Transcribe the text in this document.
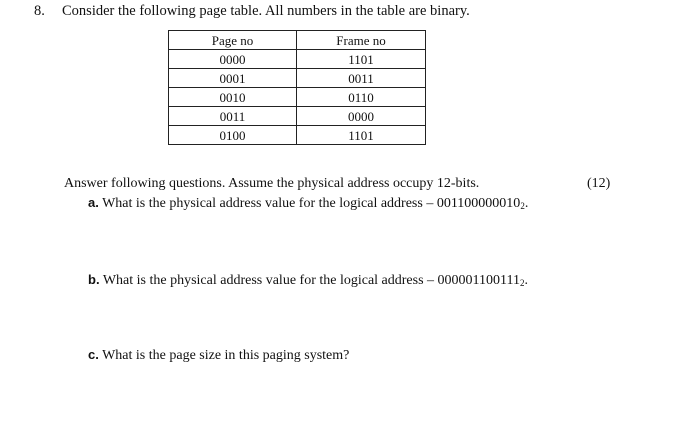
8. Consider the following page table. All numbers in the table are binary.
Page no	Frame no
0000	1101
0001	0011
0010	0110
0011	0000
0100	1101
Answer following questions. Assume the physical address occupy 12-bits.	(12)
a. What is the physical address value for the logical address – $001100000010_2$.
b. What is the physical address value for the logical address – $000001100111_2$.
c. What is the page size in this paging system?
